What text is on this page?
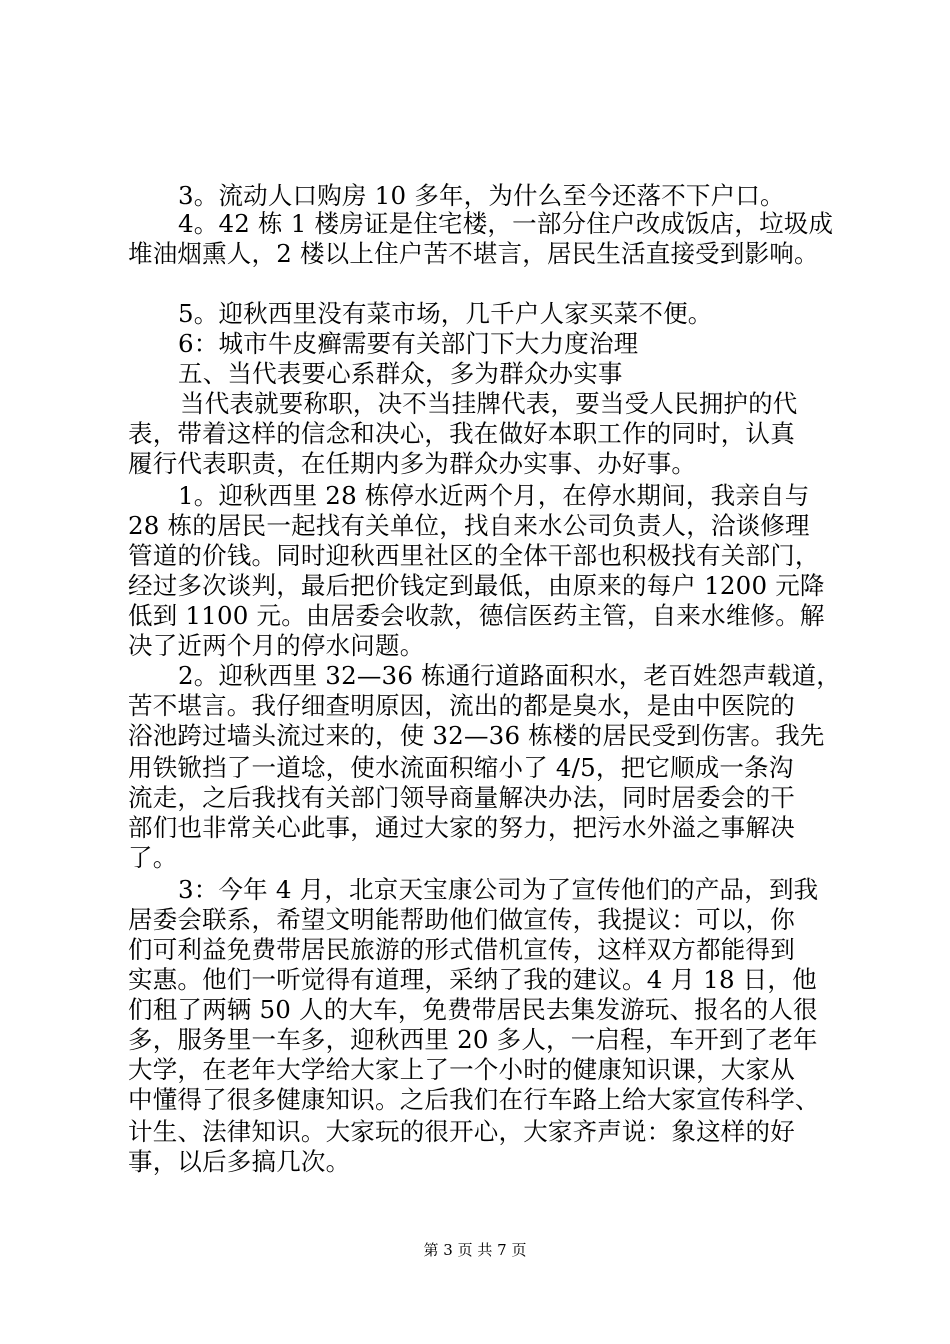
3。流动人口购房 10 多年，为什么至今还落不下户口。
4。42 栋 1 楼房证是住宅楼，一部分住户改成饭店，垃圾成
堆油烟熏人，2 楼以上住户苦不堪言，居民生活直接受到影响。
5。迎秋西里没有菜市场，几千户人家买菜不便。
6：城市牛皮癣需要有关部门下大力度治理
五、当代表要心系群众，多为群众办实事
当代表就要称职，决不当挂牌代表，要当受人民拥护的代
表，带着这样的信念和决心，我在做好本职工作的同时，认真
履行代表职责，在任期内多为群众办实事、办好事。
1。迎秋西里 28 栋停水近两个月，在停水期间，我亲自与
28 栋的居民一起找有关单位，找自来水公司负责人，洽谈修理
管道的价钱。同时迎秋西里社区的全体干部也积极找有关部门，
经过多次谈判，最后把价钱定到最低，由原来的每户 1200 元降
低到 1100 元。由居委会收款，德信医药主管，自来水维修。解
决了近两个月的停水问题。
2。迎秋西里 32—36 栋通行道路面积水，老百姓怨声载道，
苦不堪言。我仔细查明原因，流出的都是臭水，是由中医院的
浴池跨过墙头流过来的，使 32—36 栋楼的居民受到伤害。我先
用铁锨挡了一道埝，使水流面积缩小了 4/5，把它顺成一条沟
流走，之后我找有关部门领导商量解决办法，同时居委会的干
部们也非常关心此事，通过大家的努力，把污水外溢之事解决
了。
3：今年 4 月，北京天宝康公司为了宣传他们的产品，到我
居委会联系，希望文明能帮助他们做宣传，我提议：可以，你
们可利益免费带居民旅游的形式借机宣传，这样双方都能得到
实惠。他们一听觉得有道理，采纳了我的建议。4 月 18 日，他
们租了两辆 50 人的大车，免费带居民去集发游玩、报名的人很
多，服务里一车多，迎秋西里 20 多人，一启程，车开到了老年
大学，在老年大学给大家上了一个小时的健康知识课，大家从
中懂得了很多健康知识。之后我们在行车路上给大家宣传科学、
计生、法律知识。大家玩的很开心，大家齐声说：象这样的好
事，以后多搞几次。
第 3 页 共 7 页
